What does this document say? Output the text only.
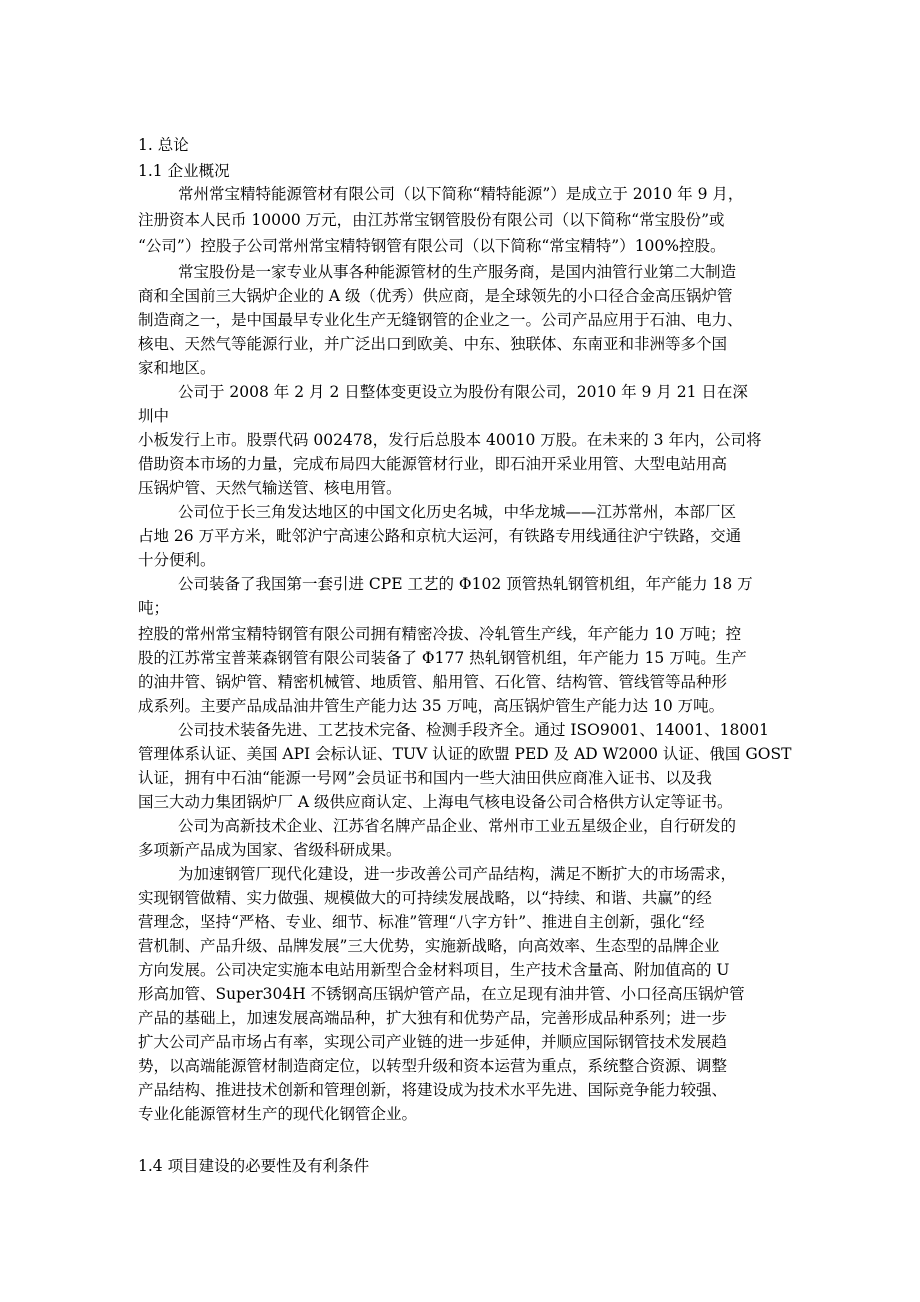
1. 总论
1.1 企业概况
常州常宝精特能源管材有限公司（以下简称“精特能源”）是成立于 2010 年 9 月，
注册资本人民币 10000 万元，由江苏常宝钢管股份有限公司（以下简称“常宝股份”或
“公司”）控股子公司常州常宝精特钢管有限公司（以下简称“常宝精特”）100%控股。
常宝股份是一家专业从事各种能源管材的生产服务商，是国内油管行业第二大制造
商和全国前三大锅炉企业的 A 级（优秀）供应商，是全球领先的小口径合金高压锅炉管
制造商之一，是中国最早专业化生产无缝钢管的企业之一。公司产品应用于石油、电力、
核电、天然气等能源行业，并广泛出口到欧美、中东、独联体、东南亚和非洲等多个国
家和地区。
公司于 2008 年 2 月 2 日整体变更设立为股份有限公司，2010 年 9 月 21 日在深
圳中
小板发行上市。股票代码 002478，发行后总股本 40010 万股。在未来的 3 年内，公司将
借助资本市场的力量，完成布局四大能源管材行业，即石油开采业用管、大型电站用高
压锅炉管、天然气输送管、核电用管。
公司位于长三角发达地区的中国文化历史名城，中华龙城——江苏常州，本部厂区
占地 26 万平方米，毗邻沪宁高速公路和京杭大运河，有铁路专用线通往沪宁铁路，交通
十分便利。
公司装备了我国第一套引进 CPE 工艺的 Φ102 顶管热轧钢管机组，年产能力 18 万
吨；
控股的常州常宝精特钢管有限公司拥有精密冷拔、冷轧管生产线，年产能力 10 万吨；控
股的江苏常宝普莱森钢管有限公司装备了 Φ177 热轧钢管机组，年产能力 15 万吨。生产
的油井管、锅炉管、精密机械管、地质管、船用管、石化管、结构管、管线管等品种形
成系列。主要产品成品油井管生产能力达 35 万吨，高压锅炉管生产能力达 10 万吨。
公司技术装备先进、工艺技术完备、检测手段齐全。通过 ISO9001、14001、18001
管理体系认证、美国 API 会标认证、TUV 认证的欧盟 PED 及 AD W2000 认证、俄国 GOST
认证，拥有中石油“能源一号网”会员证书和国内一些大油田供应商准入证书、以及我
国三大动力集团锅炉厂 A 级供应商认定、上海电气核电设备公司合格供方认定等证书。
公司为高新技术企业、江苏省名牌产品企业、常州市工业五星级企业，自行研发的
多项新产品成为国家、省级科研成果。
为加速钢管厂现代化建设，进一步改善公司产品结构，满足不断扩大的市场需求，
实现钢管做精、实力做强、规模做大的可持续发展战略，以“持续、和谐、共赢”的经
营理念，坚持“严格、专业、细节、标准”管理“八字方针”、推进自主创新，强化“经
营机制、产品升级、品牌发展”三大优势，实施新战略，向高效率、生态型的品牌企业
方向发展。公司决定实施本电站用新型合金材料项目，生产技术含量高、附加值高的 U
形高加管、Super304H 不锈钢高压锅炉管产品，在立足现有油井管、小口径高压锅炉管
产品的基础上，加速发展高端品种，扩大独有和优势产品，完善形成品种系列；进一步
扩大公司产品市场占有率，实现公司产业链的进一步延伸，并顺应国际钢管技术发展趋
势，以高端能源管材制造商定位，以转型升级和资本运营为重点，系统整合资源、调整
产品结构、推进技术创新和管理创新，将建设成为技术水平先进、国际竞争能力较强、
专业化能源管材生产的现代化钢管企业。
1.4 项目建设的必要性及有利条件
